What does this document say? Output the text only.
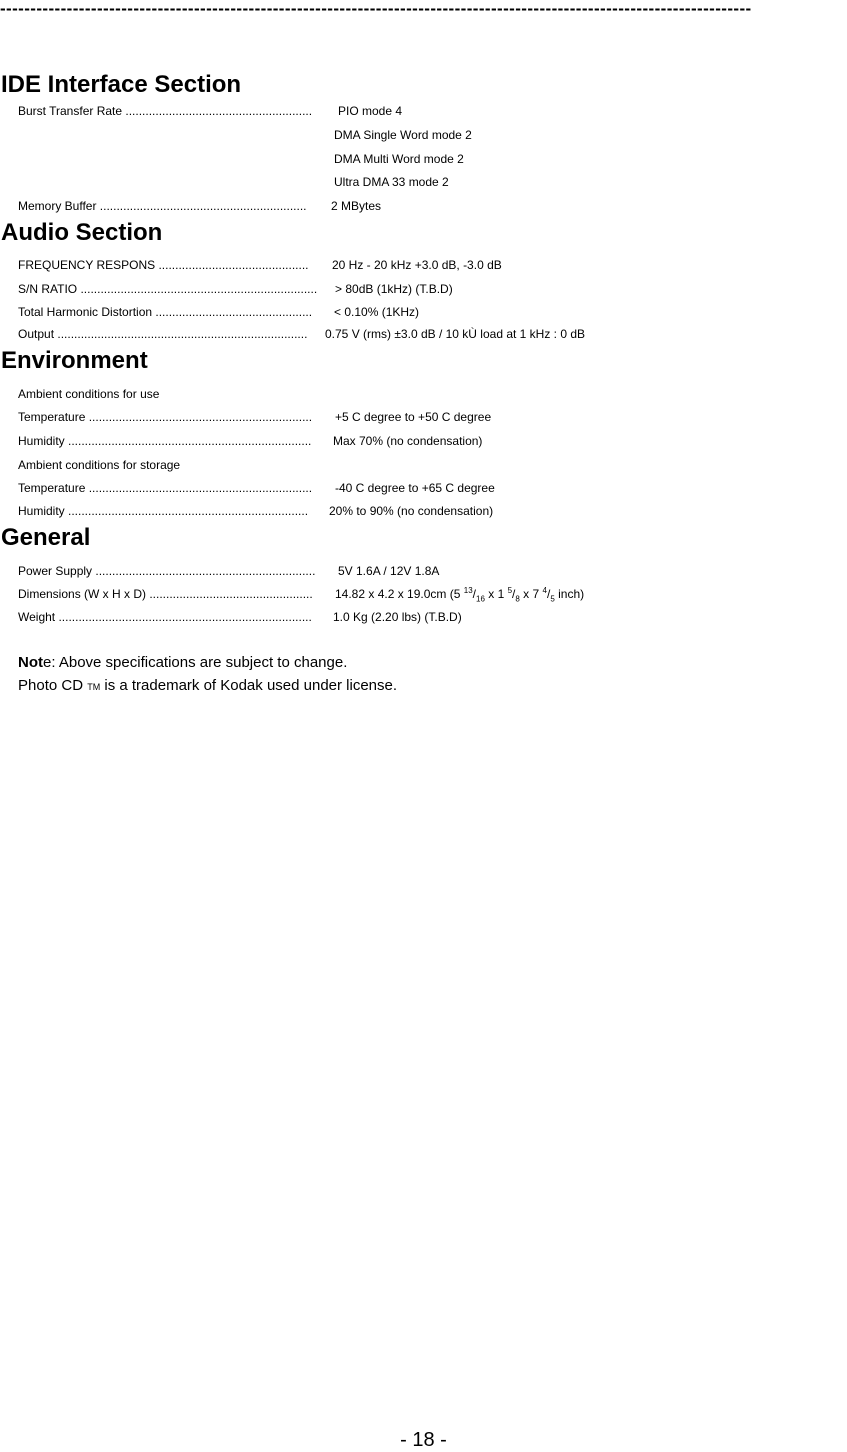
----------------------------------------------------------------------------------------------------------------------------
IDE Interface Section
Burst Transfer Rate ........................................................ PIO mode 4
DMA Single Word mode 2
DMA Multi Word mode 2
Ultra DMA 33 mode 2
Memory Buffer .............................................................. 2 MBytes
Audio Section
FREQUENCY RESPONS ............................................. 20 Hz - 20 kHz +3.0 dB, -3.0 dB
S/N RATIO ....................................................................... > 80dB (1kHz) (T.B.D)
Total Harmonic Distortion ............................................... < 0.10% (1KHz)
Output ........................................................................... 0.75 V (rms) ±3.0 dB / 10 kÙ load at 1 kHz : 0 dB
Environment
Ambient conditions for use
Temperature ................................................................... +5 C degree to +50 C degree
Humidity ......................................................................... Max 70% (no condensation)
Ambient conditions for storage
Temperature ................................................................... -40 C degree to +65 C degree
Humidity ........................................................................ 20% to 90% (no condensation)
General
Power Supply .................................................................. 5V 1.6A / 12V 1.8A
Dimensions (W x H x D) ................................................. 14.82 x 4.2 x 19.0cm (5 $^{13}/_{16}$ x 1 $^5/_8$ x 7 $^4/_5$ inch)
Weight ............................................................................ 1.0 Kg (2.20 lbs) (T.B.D)
Note: Above specifications are subject to change.
Photo CD TM is a trademark of Kodak used under license.
- 18 -
